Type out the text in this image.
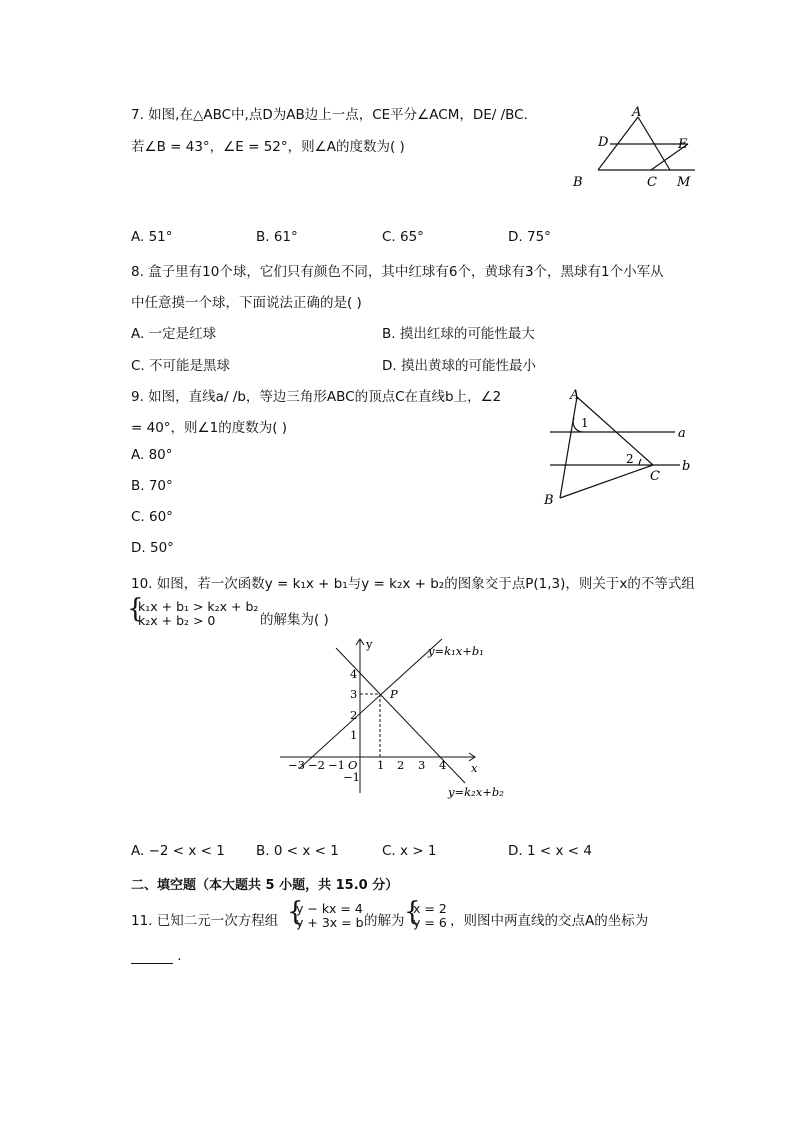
7. 如图,在△ABC中,点D为AB边上一点，CE平分∠ACM，DE/ /BC.
若∠B = 43°，∠E = 52°，则∠A的度数为( )
A
D	E
B	C M
A. 51°	B. 61°	C. 65°	D. 75°
8. 盒子里有10个球，它们只有颜色不同，其中红球有6个，黄球有3个，黑球有1个小军从
中任意摸一个球，下面说法正确的是( )
A. 一定是红球	B. 摸出红球的可能性最大
C. 不可能是黑球	D. 摸出黄球的可能性最小
9. 如图，直线a/ /b，等边三角形ABC的顶点C在直线b上，∠2
= 40°，则∠1的度数为( )
A. 80°
B. 70°
C. 60°
D. 50°
A
1
a
2	b
C
B
10. 如图，若一次函数y = k₁x + b₁与y = k₂x + b₂的图象交于点P(1,3)，则关于x的不等式组
{
k₁x + b₁ > k₂x + b₂
k₂x + b₂ > 0	的解集为( )
y
x
O
P
y=k₁x+b₁
y=k₂x+b₂
−3 −2 −1	1 2 3 4
4
3
2
1
−1
A. −2 < x < 1 B. 0 < x < 1	C. x > 1	D. 1 < x < 4
二、填空题（本大题共 5 小题，共 15.0 分）
11. 已知二元一次方程组 {
y − kx = 4
y + 3x = b 的解为 {
x = 2
y = 6 ，则图中两直线的交点A的坐标为
.
